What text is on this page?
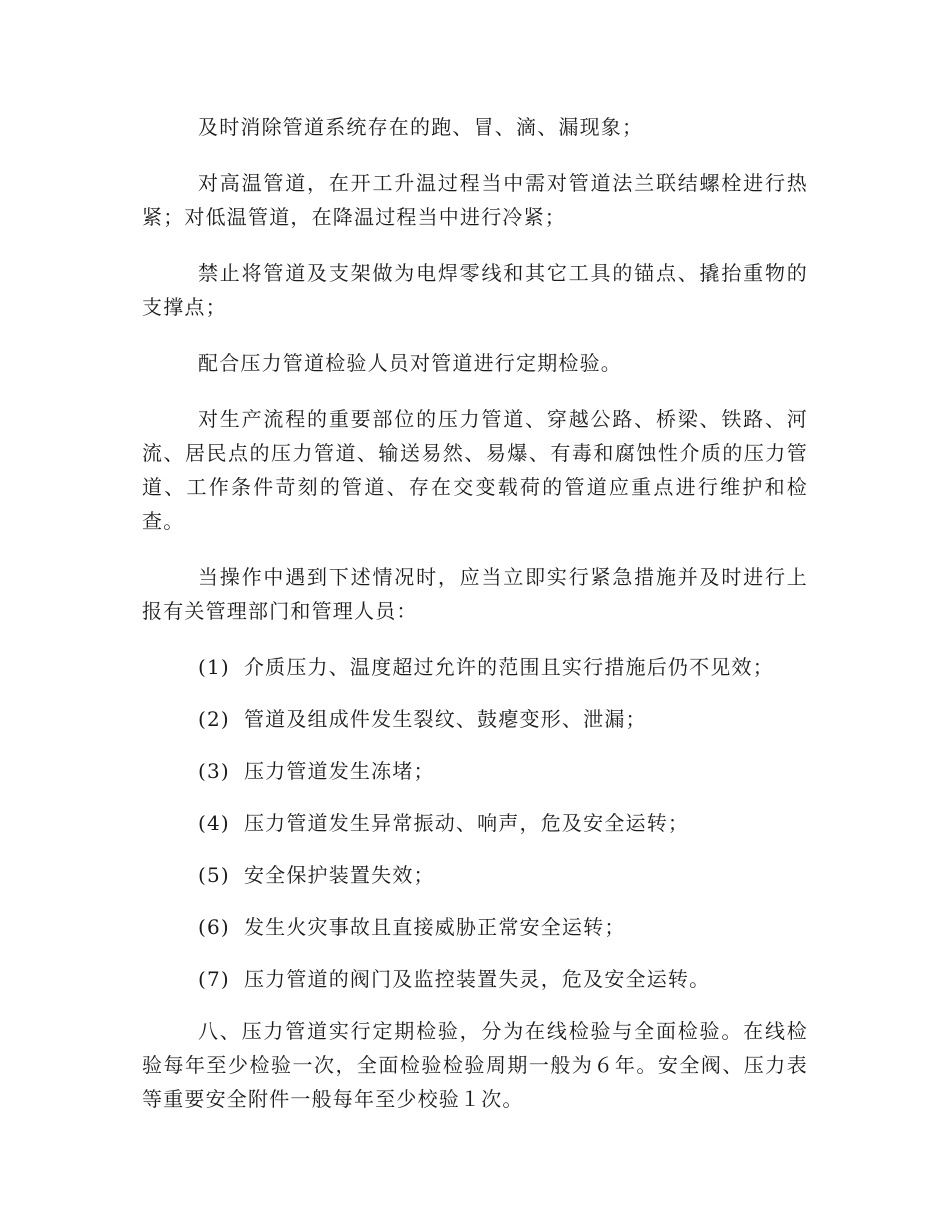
及时消除管道系统存在的跑、冒、滴、漏现象；

对高温管道，在开工升温过程当中需对管道法兰联结螺栓进行热紧；对低温管道，在降温过程当中进行冷紧；

禁止将管道及支架做为电焊零线和其它工具的锚点、撬抬重物的支撑点；

配合压力管道检验人员对管道进行定期检验。

对生产流程的重要部位的压力管道、穿越公路、桥梁、铁路、河流、居民点的压力管道、输送易然、易爆、有毒和腐蚀性介质的压力管道、工作条件苛刻的管道、存在交变载荷的管道应重点进行维护和检查。

当操作中遇到下述情况时，应当立即实行紧急措施并及时进行上报有关管理部门和管理人员：

(1) 介质压力、温度超过允许的范围且实行措施后仍不见效；
(2) 管道及组成件发生裂纹、鼓瘪变形、泄漏；
(3) 压力管道发生冻堵；
(4) 压力管道发生异常振动、响声，危及安全运转；
(5) 安全保护装置失效；
(6) 发生火灾事故且直接威胁正常安全运转；
(7) 压力管道的阀门及监控装置失灵，危及安全运转。

八、压力管道实行定期检验，分为在线检验与全面检验。在线检验每年至少检验一次，全面检验检验周期一般为６年。安全阀、压力表等重要安全附件一般每年至少校验１次。
